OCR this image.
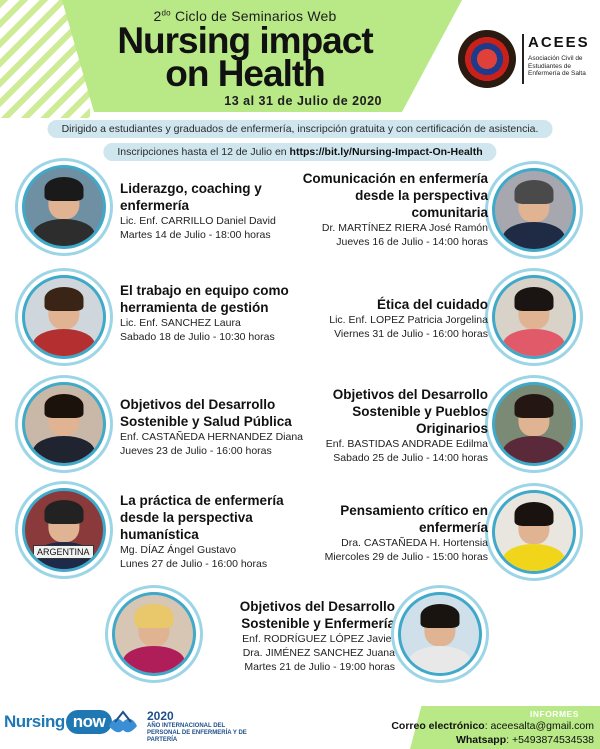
$2^{do}$ Ciclo de Seminarios Web
Nursing impact
on Health
13 al 31 de Julio de 2020
ACEES
Asociación Civil de Estudiantes de Enfermería de Salta
Dirigido a estudiantes y graduados de enfermería, inscripción gratuita y con certificación de asistencia.
Inscripciones hasta el 12 de Julio en https://bit.ly/Nursing-Impact-On-Health
Liderazgo, coaching y enfermería
Lic. Enf. CARRILLO Daniel David
Martes 14 de Julio - 18:00 horas
Comunicación en enfermería desde la perspectiva comunitaria
Dr. MARTÍNEZ RIERA José Ramón
Jueves 16 de Julio - 14:00 horas
El trabajo en equipo como herramienta de gestión
Lic. Enf. SANCHEZ Laura
Sabado 18 de Julio - 10:30 horas
Ética del cuidado
Lic. Enf. LOPEZ Patricia Jorgelina
Viernes 31 de Julio - 16:00 horas
Objetivos del Desarrollo Sostenible y Salud Pública
Enf. CASTAÑEDA HERNANDEZ Diana
Jueves 23 de Julio - 16:00 horas
Objetivos del Desarrollo Sostenible y Pueblos Originarios
Enf. BASTIDAS ANDRADE Edilma
Sabado 25 de Julio - 14:00 horas
ARGENTINA
La práctica de enfermería desde la perspectiva humanística
Mg. DÍAZ Ángel Gustavo
Lunes 27 de Julio - 16:00 horas
Pensamiento crítico en enfermería
Dra. CASTAÑEDA H. Hortensia
Miercoles 29 de Julio - 15:00 horas
Objetivos del Desarrollo Sostenible y Enfermería
Enf. RODRÍGUEZ LÓPEZ Javier
Dra. JIMÉNEZ SANCHEZ Juana
Martes 21 de Julio - 19:00 horas
Nursing now	2020
AÑO INTERNACIONAL DEL PERSONAL DE ENFERMERÍA Y DE PARTERÍA
INFORMES
Correo electrónico: aceesalta@gmail.com
Whatsapp: +5493874534538
